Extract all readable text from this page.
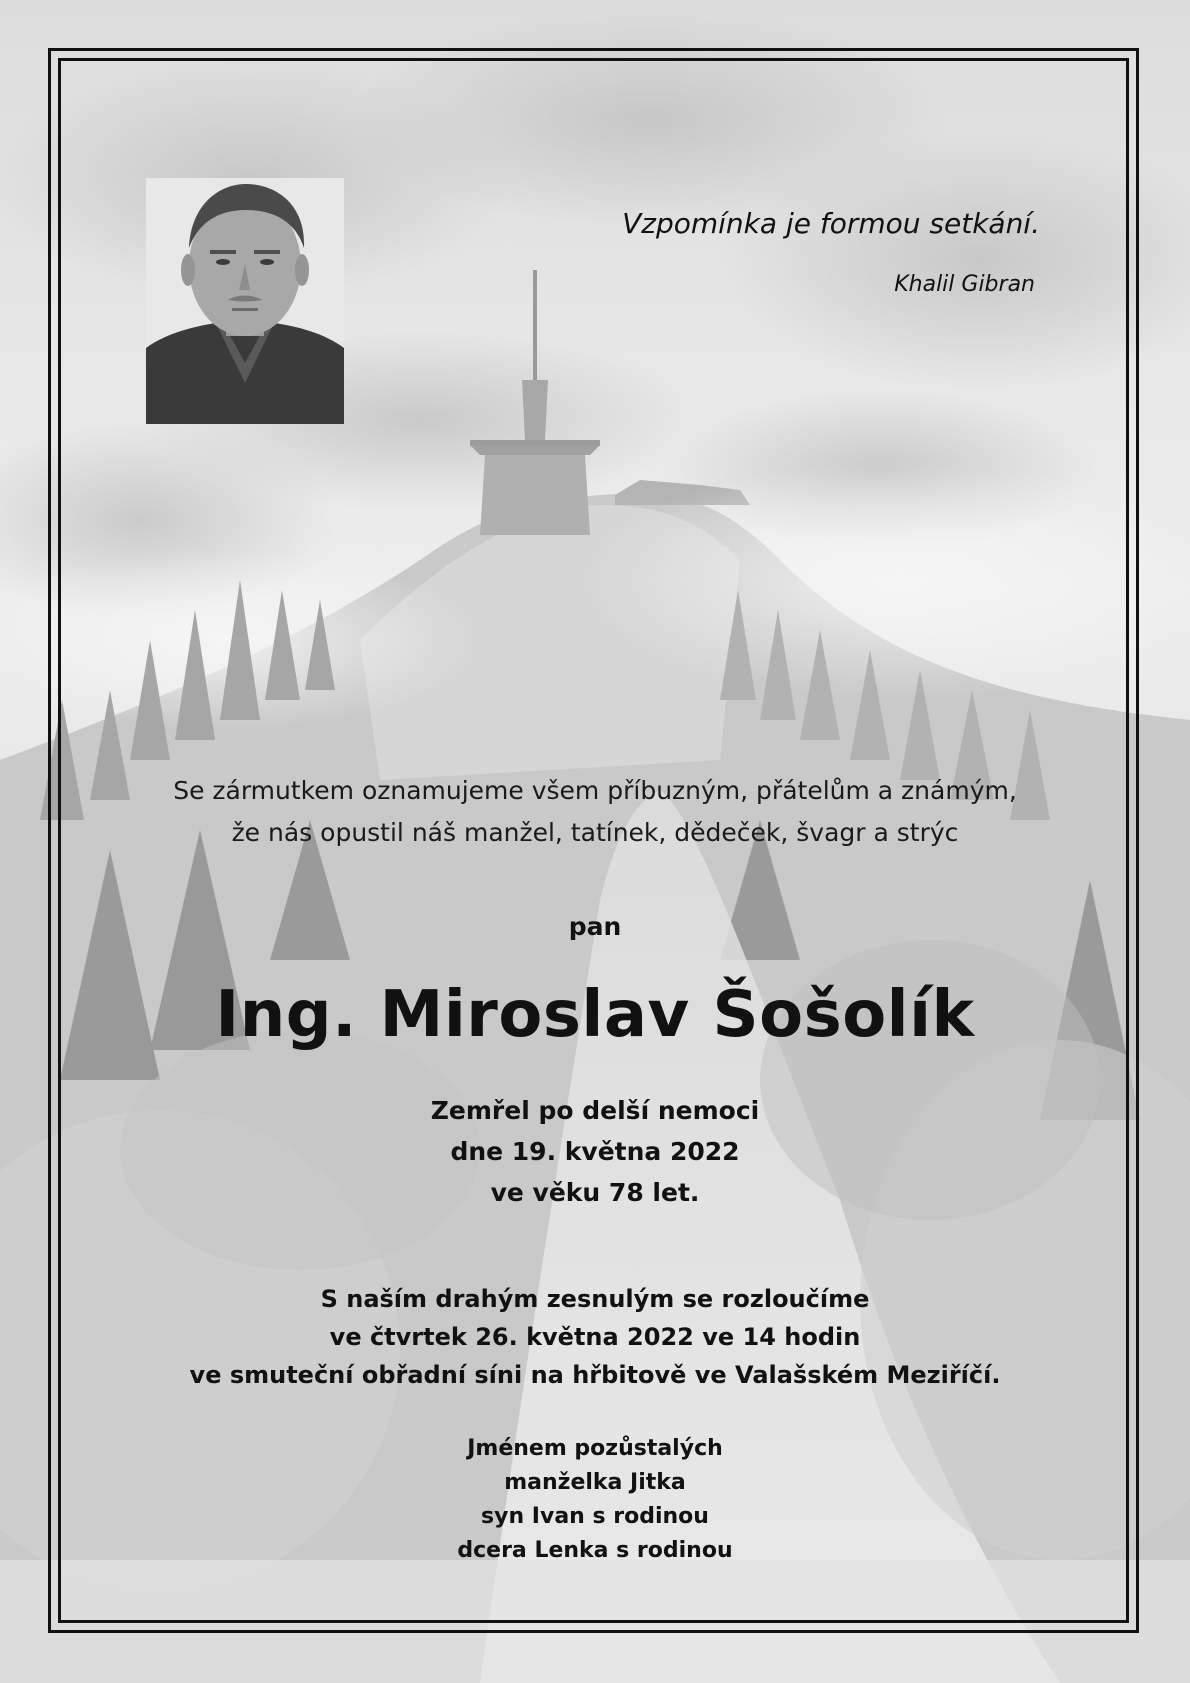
Vzpomínka je formou setkání.
Khalil Gibran
Se zármutkem oznamujeme všem příbuzným, přátelům a známým,
že nás opustil náš manžel, tatínek, dědeček, švagr a strýc
pan
Ing. Miroslav Šošolík
Zemřel po delší nemoci
dne 19. května 2022
ve věku 78 let.
S naším drahým zesnulým se rozloučíme
ve čtvrtek 26. května 2022 ve 14 hodin
ve smuteční obřadní síni na hřbitově ve Valašském Meziříčí.
Jménem pozůstalých
manželka Jitka
syn Ivan s rodinou
dcera Lenka s rodinou
